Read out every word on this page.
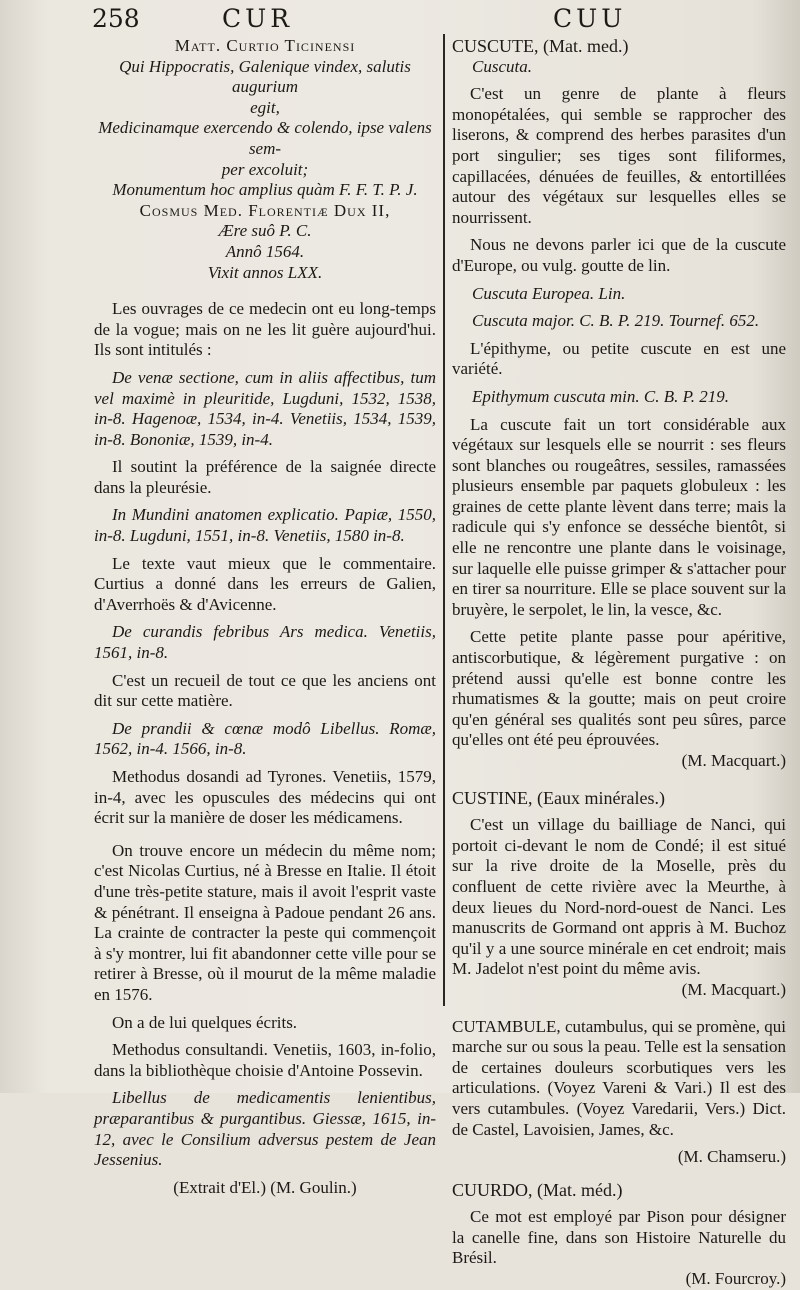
258	CUR	CUU
Matt. Curtio Ticinensi
Qui Hippocratis, Galenique vindex, salutis augurium
egit,
Medicinamque exercendo & colendo, ipse valens sem-
per excoluit;
Monumentum hoc amplius quàm F. F. T. P. J.
Cosmus Med. Florentiæ Dux II,
Ære suô P. C.
Annô 1564.
Vixit annos LXX.

Les ouvrages de ce medecin ont eu long-temps de la vogue; mais on ne les lit guère aujourd'hui. Ils sont intitulés :

De venæ sectione, cum in aliis affectibus, tum vel maximè in pleuritide, Lugduni, 1532, 1538, in-8. Hagenoæ, 1534, in-4. Venetiis, 1534, 1539, in-8. Bononiæ, 1539, in-4.

Il soutint la préférence de la saignée directe dans la pleurésie.

In Mundini anatomen explicatio. Papiæ, 1550, in-8. Lugduni, 1551, in-8. Venetiis, 1580 in-8.

Le texte vaut mieux que le commentaire. Curtius a donné dans les erreurs de Galien, d'Averrhoës & d'Avicenne.

De curandis febribus Ars medica. Venetiis, 1561, in-8.

C'est un recueil de tout ce que les anciens ont dit sur cette matière.

De prandii & cœnæ modô Libellus. Romæ, 1562, in-4. 1566, in-8.

Methodus dosandi ad Tyrones. Venetiis, 1579, in-4, avec les opuscules des médecins qui ont écrit sur la manière de doser les médicamens.

On trouve encore un médecin du même nom; c'est Nicolas Curtius, né à Bresse en Italie. Il étoit d'une très-petite stature, mais il avoit l'esprit vaste & pénétrant. Il enseigna à Padoue pendant 26 ans. La crainte de contracter la peste qui commençoit à s'y montrer, lui fit abandonner cette ville pour se retirer à Bresse, où il mourut de la même maladie en 1576.

On a de lui quelques écrits.

Methodus consultandi. Venetiis, 1603, in-folio, dans la bibliothèque choisie d'Antoine Possevin.

Libellus de medicamentis lenientibus, præparantibus & purgantibus. Giessæ, 1615, in-12, avec le Consilium adversus pestem de Jean Jessenius.

(Extrait d'El.) (M. Goulin.)

CUSCUTE, (Mat. med.)
Cuscuta.

C'est un genre de plante à fleurs monopétalées, qui semble se rapprocher des liserons, & comprend des herbes parasites d'un port singulier; ses tiges sont filiformes, capillacées, dénuées de feuilles, & entortillées autour des végétaux sur lesquelles elles se nourrissent.

Nous ne devons parler ici que de la cuscute d'Europe, ou vulg. goutte de lin.

Cuscuta Europea. Lin.
Cuscuta major. C. B. P. 219. Tournef. 652.

L'épithyme, ou petite cuscute en est une variété.

Epithymum cuscuta min. C. B. P. 219.

La cuscute fait un tort considérable aux végétaux sur lesquels elle se nourrit : ses fleurs sont blanches ou rougeâtres, sessiles, ramassées plusieurs ensemble par paquets globuleux : les graines de cette plante lèvent dans terre; mais la radicule qui s'y enfonce se desséche bientôt, si elle ne rencontre une plante dans le voisinage, sur laquelle elle puisse grimper & s'attacher pour en tirer sa nourriture. Elle se place souvent sur la bruyère, le serpolet, le lin, la vesce, &c.

Cette petite plante passe pour apéritive, antiscorbutique, & légèrement purgative : on prétend aussi qu'elle est bonne contre les rhumatismes & la goutte; mais on peut croire qu'en général ses qualités sont peu sûres, parce qu'elles ont été peu éprouvées.

(M. Macquart.)
CUSTINE, (Eaux minérales.)

C'est un village du bailliage de Nanci, qui portoit ci-devant le nom de Condé; il est situé sur la rive droite de la Moselle, près du confluent de cette rivière avec la Meurthe, à deux lieues du Nord-nord-ouest de Nanci. Les manuscrits de Gormand ont appris à M. Buchoz qu'il y a une source minérale en cet endroit; mais M. Jadelot n'est point du même avis.

(M. Macquart.)

CUTAMBULE, cutambulus, qui se promène, qui marche sur ou sous la peau. Telle est la sensation de certaines douleurs scorbutiques vers les articulations. (Voyez Vareni & Vari.) Il est des vers cutambules. (Voyez Varedarii, Vers.) Dict. de Castel, Lavoisien, James, &c.

(M. Chamseru.)
CUURDO, (Mat. méd.)

Ce mot est employé par Pison pour désigner la canelle fine, dans son Histoire Naturelle du Brésil.

(M. Fourcroy.)
